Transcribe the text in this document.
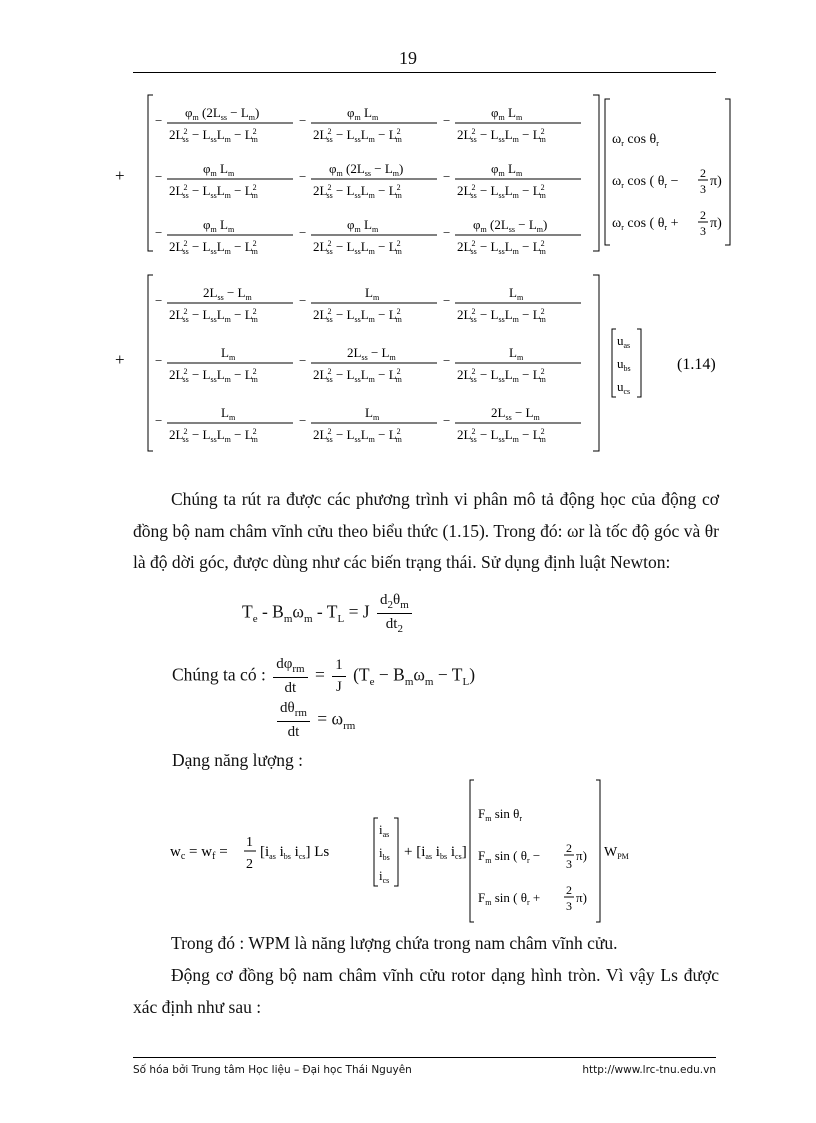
19
+
−
$\varphi_m$ $(2L_{ss} - L_m)$
$2L^2$ ss − $L_{ss}L_m - L^2$ m
−
$\varphi_m$ $L_m$
$2L^2$ ss − $L_{ss}L_m - L^2$ m
−
$\varphi_m$ $L_m$
$2L^2$ ss − $L_{ss}L_m - L^2$ m
−
$\varphi_m$ $L_m$
$2L^2$ ss − $L_{ss}L_m - L^2$ m
−
$\varphi_m$ $(2L_{ss} - L_m)$
$2L^2$ ss − $L_{ss}L_m - L^2$ m
−
$\varphi_m$ $L_m$
$2L^2$ ss − $L_{ss}L_m - L^2$ m
−
$\varphi_m$ $L_m$
$2L^2$ ss − $L_{ss}L_m - L^2$ m
−
$\varphi_m$ $L_m$
$2L^2$ ss − $L_{ss}L_m - L^2$ m
−
$\varphi_m$ $(2L_{ss} - L_m)$
$2L^2$ ss − $L_{ss}L_m - L^2$ m
$\omega_r$ $\cos \theta_r$
$\omega_r$ cos ( $\theta_r$ −
2
3 π)
$\omega_r$ cos ( $\theta_r$ +
2
3 π)
+
−
$2L_{ss} - L_m$
$2L^2$ ss − $L_{ss}L_m - L^2$ m
−
$L_m$
$2L^2$ ss − $L_{ss}L_m - L^2$ m
−
$L_m$
$2L^2$ ss − $L_{ss}L_m - L^2$ m
−
$L_m$
$2L^2$ ss − $L_{ss}L_m - L^2$ m
−
$2L_{ss} - L_m$
$2L^2$ ss − $L_{ss}L_m - L^2$ m
−
$L_m$
$2L^2$ ss − $L_{ss}L_m - L^2$ m
−
$L_m$
$2L^2$ ss − $L_{ss}L_m - L^2$ m
−
$L_m$
$2L^2$ ss − $L_{ss}L_m - L^2$ m
−
$2L_{ss} - L_m$
$2L^2$ ss − $L_{ss}L_m - L^2$ m
$u_{as}$
$u_{bs}$
$u_{cs}$
(1.14)
Chúng ta rút ra được các phương trình vi phân mô tả động học của động cơ đồng bộ nam châm vĩnh cửu theo biểu thức (1.15). Trong đó: ωr là tốc độ góc và θr là độ dời góc, được dùng như các biến trạng thái. Sử dụng định luật Newton:
$T_e - B_m\omega_m - T_L = J \frac{d_2\theta_m}{dt_2}$
Chúng ta có : $\frac{d\varphi_{rm}}{dt} = \frac{1}{J} (T_e - B_m\omega_m - T_L)$
$\frac{d\theta_{rm}}{dt} = \omega_{rm}$
Dạng năng lượng :
$w_c = w_f$ =
1
2
[$i_{as}$ $i_{bs}$ $i_{cs}$] Ls
$i_{as}$
$i_{bs}$
$i_{cs}$
+ [$i_{as}$ $i_{bs}$ $i_{cs}$]
$F_m$ $\sin \theta_r$
$F_m$ sin ( $\theta_r - 2$
3
π)
$F_m$ sin ( $\theta_r + 2$
3
π)
$W_{PM}$
Trong đó : WPM là năng lượng chứa trong nam châm vĩnh cửu.
Động cơ đồng bộ nam châm vĩnh cửu rotor dạng hình tròn. Vì vậy Ls được xác định như sau :
Số hóa bởi Trung tâm Học liệu – Đại học Thái Nguyên	http://www.lrc-tnu.edu.vn
